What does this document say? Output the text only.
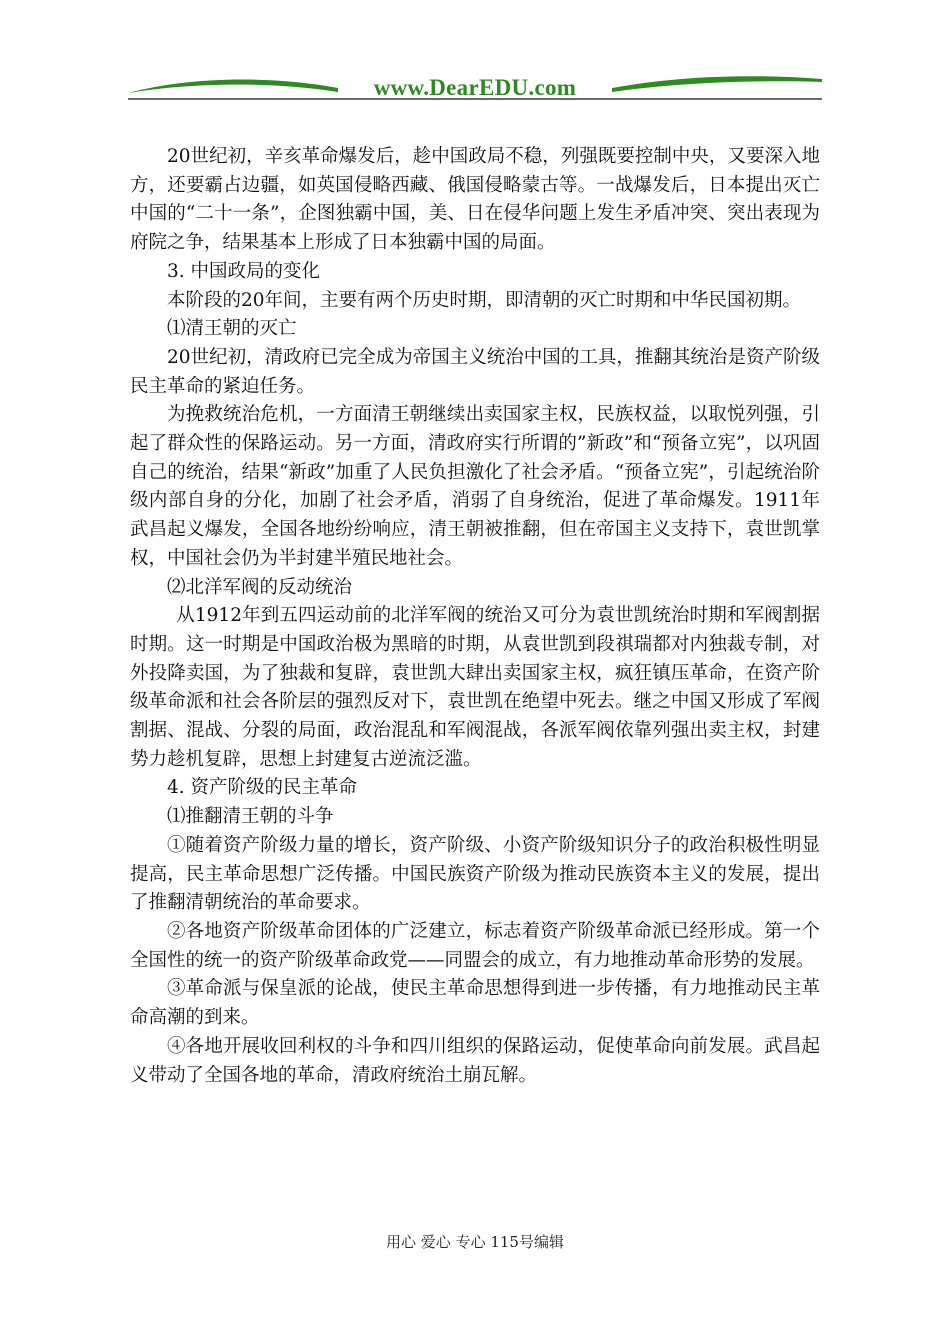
www.DearEDU.com

20世纪初，辛亥革命爆发后，趁中国政局不稳，列强既要控制中央，又要深入地方，还要霸占边疆，如英国侵略西藏、俄国侵略蒙古等。一战爆发后，日本提出灭亡中国的“二十一条”，企图独霸中国，美、日在侵华问题上发生矛盾冲突、突出表现为府院之争，结果基本上形成了日本独霸中国的局面。

3. 中国政局的变化

本阶段的20年间，主要有两个历史时期，即清朝的灭亡时期和中华民国初期。

⑴清王朝的灭亡

20世纪初，清政府已完全成为帝国主义统治中国的工具，推翻其统治是资产阶级民主革命的紧迫任务。

为挽救统治危机，一方面清王朝继续出卖国家主权，民族权益，以取悦列强，引起了群众性的保路运动。另一方面，清政府实行所谓的”新政”和“预备立宪”，以巩固自己的统治，结果“新政”加重了人民负担激化了社会矛盾。“预备立宪”，引起统治阶级内部自身的分化，加剧了社会矛盾，消弱了自身统治，促进了革命爆发。1911年武昌起义爆发，全国各地纷纷响应，清王朝被推翻，但在帝国主义支持下，袁世凯掌权，中国社会仍为半封建半殖民地社会。

⑵北洋军阀的反动统治

从1912年到五四运动前的北洋军阀的统治又可分为袁世凯统治时期和军阀割据时期。这一时期是中国政治极为黑暗的时期，从袁世凯到段祺瑞都对内独裁专制，对外投降卖国，为了独裁和复辟，袁世凯大肆出卖国家主权，疯狂镇压革命，在资产阶级革命派和社会各阶层的强烈反对下，袁世凯在绝望中死去。继之中国又形成了军阀割据、混战、分裂的局面，政治混乱和军阀混战，各派军阀依靠列强出卖主权，封建势力趁机复辟，思想上封建复古逆流泛滥。

4. 资产阶级的民主革命

⑴推翻清王朝的斗争

①随着资产阶级力量的增长，资产阶级、小资产阶级知识分子的政治积极性明显提高，民主革命思想广泛传播。中国民族资产阶级为推动民族资本主义的发展，提出了推翻清朝统治的革命要求。

②各地资产阶级革命团体的广泛建立，标志着资产阶级革命派已经形成。第一个全国性的统一的资产阶级革命政党——同盟会的成立，有力地推动革命形势的发展。

③革命派与保皇派的论战，使民主革命思想得到进一步传播，有力地推动民主革命高潮的到来。

④各地开展收回利权的斗争和四川组织的保路运动，促使革命向前发展。武昌起义带动了全国各地的革命，清政府统治土崩瓦解。

用心 爱心 专心 115号编辑
